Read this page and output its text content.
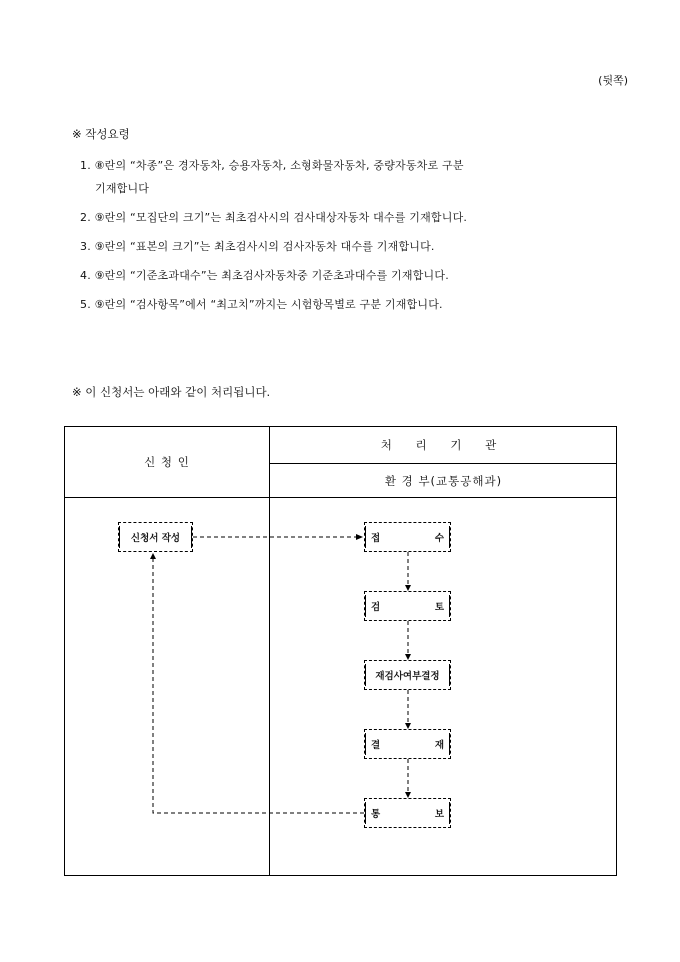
(뒷쪽)
※ 작성요령
1. ⑧란의 “차종”은 경자동차, 승용자동차, 소형화물자동차, 중량자동차로 구분
기재합니다
2. ⑨란의 “모집단의 크기”는 최초검사시의 검사대상자동차 대수를 기재합니다.
3. ⑨란의 “표본의 크기”는 최초검사시의 검사자동차 대수를 기재합니다.
4. ⑨란의 “기준초과대수”는 최초검사자동차중 기준초과대수를 기재합니다.
5. ⑨란의 “검사항목”에서 “최고치”까지는 시험항목별로 구분 기재합니다.
※ 이 신청서는 아래와 같이 처리됩니다.
신 청 인
처 리 기 관
환 경 부(교통공해과)
신청서 작성	접	수
검	토
재검사여부결정
결	재
통	보
